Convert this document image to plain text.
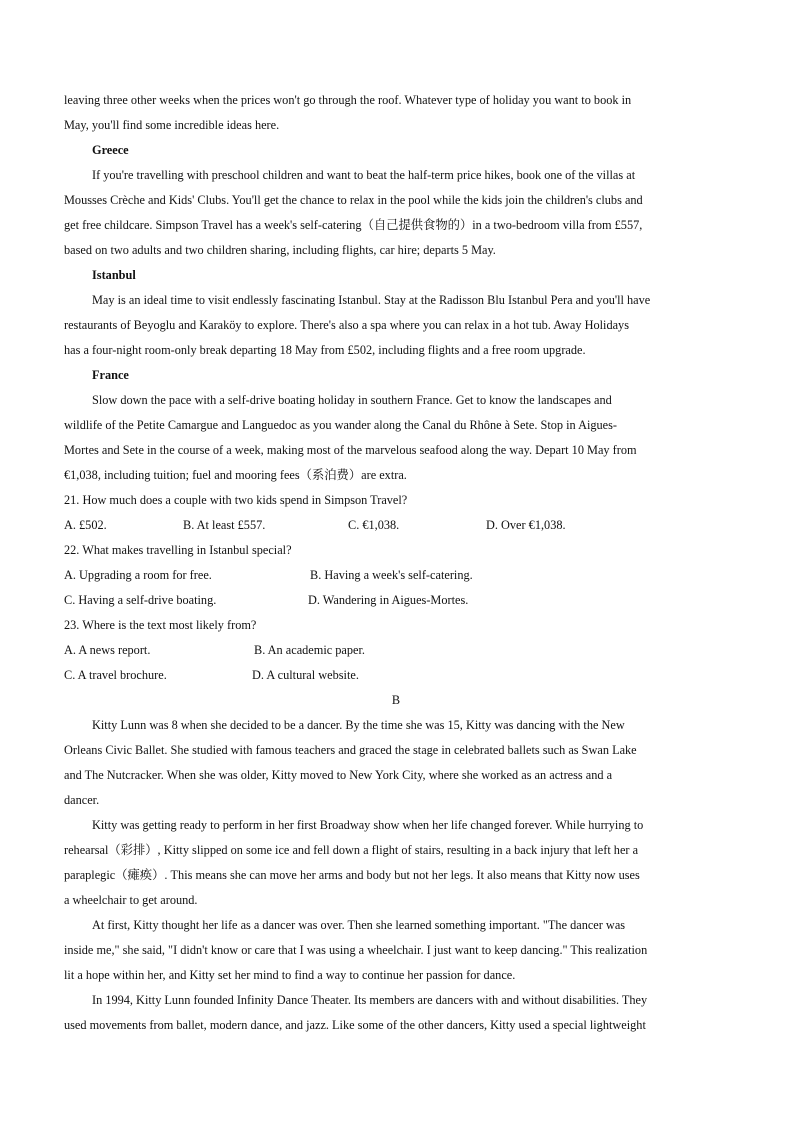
leaving three other weeks when the prices won't go through the roof. Whatever type of holiday you want to book in
May, you'll find some incredible ideas here.
Greece
If you're travelling with preschool children and want to beat the half-term price hikes, book one of the villas at
Mousses Crèche and Kids' Clubs. You'll get the chance to relax in the pool while the kids join the children's clubs and
get free childcare. Simpson Travel has a week's self-catering（自己提供食物的）in a two-bedroom villa from £557,
based on two adults and two children sharing, including flights, car hire; departs 5 May.
Istanbul
May is an ideal time to visit endlessly fascinating Istanbul. Stay at the Radisson Blu Istanbul Pera and you'll have
restaurants of Beyoglu and Karaköy to explore. There's also a spa where you can relax in a hot tub. Away Holidays
has a four-night room-only break departing 18 May from £502, including flights and a free room upgrade.
France
Slow down the pace with a self-drive boating holiday in southern France. Get to know the landscapes and
wildlife of the Petite Camargue and Languedoc as you wander along the Canal du Rhône à Sete. Stop in Aigues-
Mortes and Sete in the course of a week, making most of the marvelous seafood along the way. Depart 10 May from
€1,038, including tuition; fuel and mooring fees（系泊费）are extra.
21. How much does a couple with two kids spend in Simpson Travel?
A. £502.	B. At least £557.	C. €1,038.	D. Over €1,038.
22. What makes travelling in Istanbul special?
A. Upgrading a room for free.	B. Having a week's self-catering.
C. Having a self-drive boating.	D. Wandering in Aigues-Mortes.
23. Where is the text most likely from?
A. A news report.	B. An academic paper.
C. A travel brochure.	D. A cultural website.
B
Kitty Lunn was 8 when she decided to be a dancer. By the time she was 15, Kitty was dancing with the New
Orleans Civic Ballet. She studied with famous teachers and graced the stage in celebrated ballets such as Swan Lake
and The Nutcracker. When she was older, Kitty moved to New York City, where she worked as an actress and a
dancer.
Kitty was getting ready to perform in her first Broadway show when her life changed forever. While hurrying to
rehearsal（彩排）, Kitty slipped on some ice and fell down a flight of stairs, resulting in a back injury that left her a
paraplegic（瘫痪）. This means she can move her arms and body but not her legs. It also means that Kitty now uses
a wheelchair to get around.
At first, Kitty thought her life as a dancer was over. Then she learned something important. "The dancer was
inside me," she said, "I didn't know or care that I was using a wheelchair. I just want to keep dancing." This realization
lit a hope within her, and Kitty set her mind to find a way to continue her passion for dance.
In 1994, Kitty Lunn founded Infinity Dance Theater. Its members are dancers with and without disabilities. They
used movements from ballet, modern dance, and jazz. Like some of the other dancers, Kitty used a special lightweight
